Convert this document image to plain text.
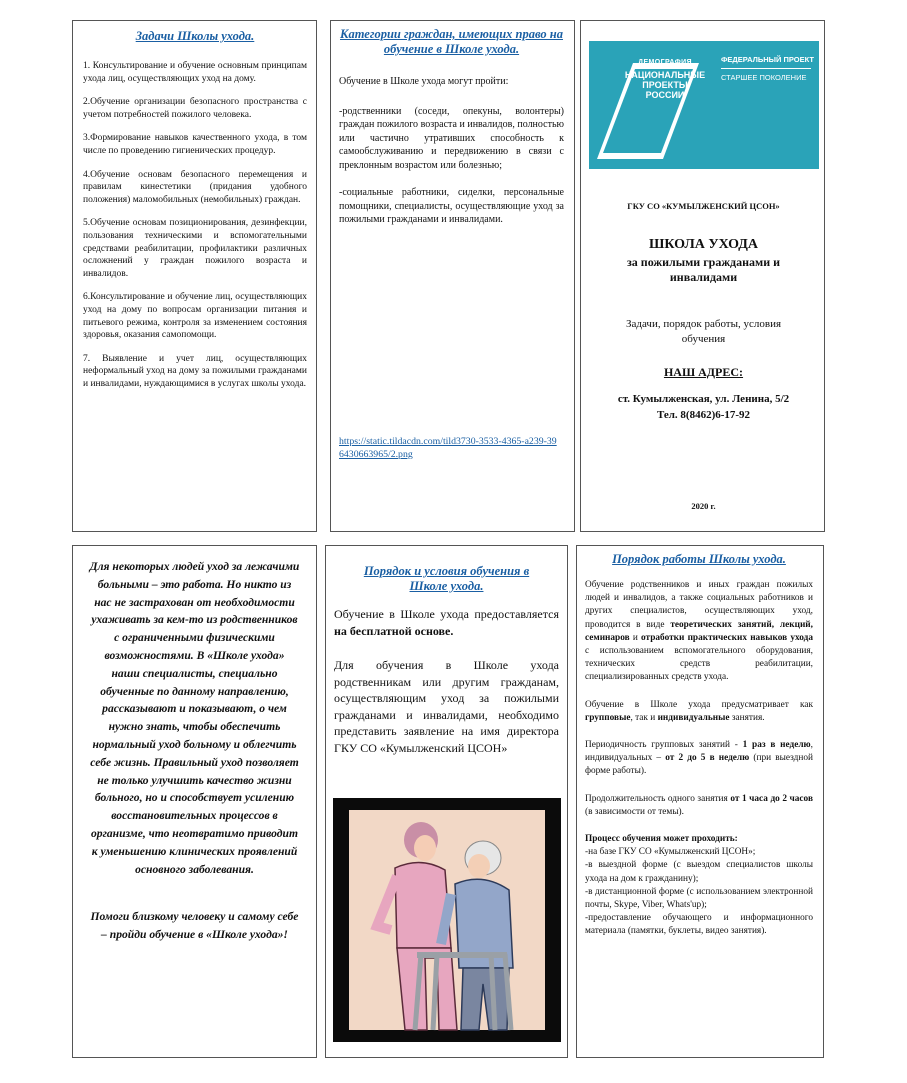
Задачи Школы ухода.

1. Консультирование и обучение основным принципам ухода лиц, осуществляющих уход на дому.

2.Обучение организации безопасного пространства с учетом потребностей пожилого человека.

3.Формирование навыков качественного ухода, в том числе по проведению гигиенических процедур.

4.Обучение основам безопасного перемещения и правилам кинестетики (придания удобного положения) маломобильных (немобильных) граждан.

5.Обучение основам позиционирования, дезинфекции, пользования техническими и вспомогательными средствами реабилитации, профилактики различных осложнений у граждан пожилого возраста и инвалидов.

6.Консультирование и обучение лиц, осуществляющих уход на дому по вопросам организации питания и питьевого режима, контроля за изменением состояния здоровья, оказания самопомощи.

7. Выявление и учет лиц, осуществляющих неформальный уход на дому за пожилыми гражданами и инвалидами, нуждающимися в услугах школы ухода.

Категории граждан, имеющих право на обучение в Школе ухода.

Обучение в Школе ухода могут пройти:

-родственники (соседи, опекуны, волонтеры) граждан пожилого возраста и инвалидов, полностью или частично утративших способность к самообслуживанию и передвижению в связи с преклонным возрастом или болезнью;

-социальные работники, сиделки, персональные помощники, специалисты, осуществляющие уход за пожилыми гражданами и инвалидами.

https://static.tildacdn.com/tild3730-3533-4365-a239-396430663965/2.png
ДЕМОГРАФИЯ
НАЦИОНАЛЬНЫЕ
ПРОЕКТЫ
РОССИИ
ФЕДЕРАЛЬНЫЙ ПРОЕКТ
СТАРШЕЕ ПОКОЛЕНИЕ
ГКУ СО «КУМЫЛЖЕНСКИЙ ЦСОН»
ШКОЛА УХОДА
за пожилыми гражданами и инвалидами
Задачи, порядок работы, условия обучения
НАШ АДРЕС:
ст. Кумылженская, ул. Ленина, 5/2
Тел. 8(8462)6-17-92
2020 г.

Для некоторых людей уход за лежачими больными – это работа. Но никто из нас не застрахован от необходимости ухаживать за кем-то из родственников с ограниченными физическими возможностями. В «Школе ухода» наши специалисты, специально обученные по данному направлению, рассказывают и показывают, о чем нужно знать, чтобы обеспечить нормальный уход больному и облегчить себе жизнь. Правильный уход позволяет не только улучшить качество жизни больного, но и способствует усилению восстановительных процессов в организме, что неотвратимо приводит к уменьшению клинических проявлений основного заболевания.

Помоги близкому человеку и самому себе – пройди обучение в «Школе ухода»!

Порядок и условия обучения в Школе ухода.

Обучение в Школе ухода предоставляется на бесплатной основе.

Для обучения в Школе ухода родственникам или другим гражданам, осуществляющим уход за пожилыми гражданами и инвалидами, необходимо представить заявление на имя директора ГКУ СО «Кумылженский ЦСОН»

Порядок работы Школы ухода.

Обучение родственников и иных граждан пожилых людей и инвалидов, а также социальных работников и других специалистов, осуществляющих уход, проводится в виде теоретических занятий, лекций, семинаров и отработки практических навыков ухода с использованием вспомогательного оборудования, технических средств реабилитации, специализированных средств ухода.

Обучение в Школе ухода предусматривает как групповые, так и индивидуальные занятия.

Периодичность групповых занятий - 1 раз в неделю, индивидуальных – от 2 до 5 в неделю (при выездной форме работы).

Продолжительность одного занятия от 1 часа до 2 часов (в зависимости от темы).

Процесс обучения может проходить:

-на базе ГКУ СО «Кумылженский ЦСОН»;

-в выездной форме (с выездом специалистов школы ухода на дом к гражданину);

-в дистанционной форме (с использованием электронной почты, Skype, Viber, Whats'up);

-предоставление обучающего и информационного материала (памятки, буклеты, видео занятия).
